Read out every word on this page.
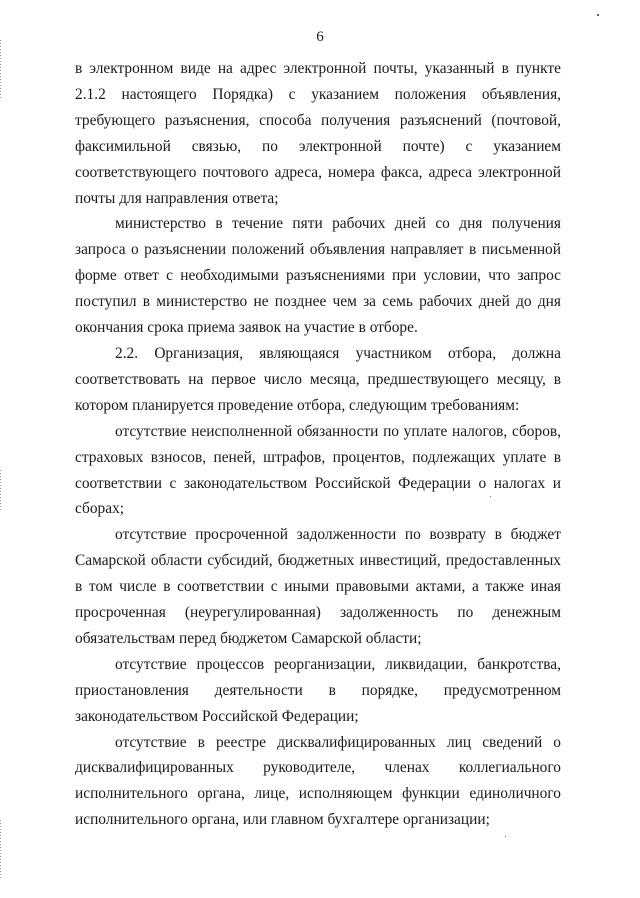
6

в электронном виде на адрес электронной почты, указанный в пункте 2.1.2 настоящего Порядка) с указанием положения объявления, требующего разъяснения, способа получения разъяснений (почтовой, факсимильной связью, по электронной почте) с указанием соответствующего почтового адреса, номера факса, адреса электронной почты для направления ответа;

министерство в течение пяти рабочих дней со дня получения запроса о разъяснении положений объявления направляет в письменной форме ответ с необходимыми разъяснениями при условии, что запрос поступил в министерство не позднее чем за семь рабочих дней до дня окончания срока приема заявок на участие в отборе.

2.2. Организация, являющаяся участником отбора, должна соответствовать на первое число месяца, предшествующего месяцу, в котором планируется проведение отбора, следующим требованиям:

отсутствие неисполненной обязанности по уплате налогов, сборов, страховых взносов, пеней, штрафов, процентов, подлежащих уплате в соответствии с законодательством Российской Федерации о налогах и сборах;

отсутствие просроченной задолженности по возврату в бюджет Самарской области субсидий, бюджетных инвестиций, предоставленных в том числе в соответствии с иными правовыми актами, а также иная просроченная (неурегулированная) задолженность по денежным обязательствам перед бюджетом Самарской области;

отсутствие процессов реорганизации, ликвидации, банкротства, приостановления деятельности в порядке, предусмотренном законодательством Российской Федерации;

отсутствие в реестре дисквалифицированных лиц сведений о дисквалифицированных руководителе, членах коллегиального исполнительного органа, лице, исполняющем функции единоличного исполнительного органа, или главном бухгалтере организации;
